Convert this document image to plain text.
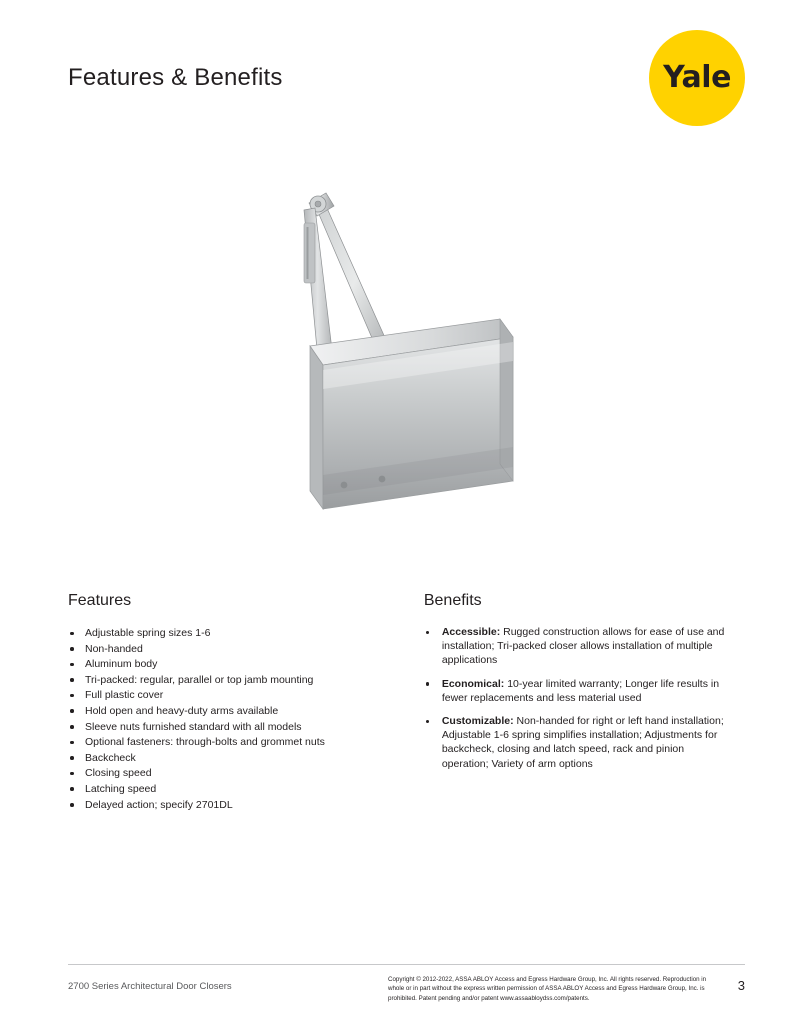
Features & Benefits	Yale
Features
Adjustable spring sizes 1-6
Non-handed
Aluminum body
Tri-packed: regular, parallel or top jamb mounting
Full plastic cover
Hold open and heavy-duty arms available
Sleeve nuts furnished standard with all models
Optional fasteners: through-bolts and grommet nuts
Backcheck
Closing speed
Latching speed
Delayed action; specify 2701DL
Benefits
Accessible: Rugged construction allows for ease of use and installation; Tri-packed closer allows installation of multiple applications
Economical: 10-year limited warranty; Longer life results in fewer replacements and less material used
Customizable: Non-handed for right or left hand installation; Adjustable 1-6 spring simplifies installation; Adjustments for backcheck, closing and latch speed, rack and pinion operation; Variety of arm options
2700 Series Architectural Door Closers
Copyright © 2012-2022, ASSA ABLOY Access and Egress Hardware Group, Inc. All rights reserved. Reproduction in whole or in part without the express written permission of ASSA ABLOY Access and Egress Hardware Group, Inc. is prohibited. Patent pending and/or patent www.assaabloydss.com/patents.
3
